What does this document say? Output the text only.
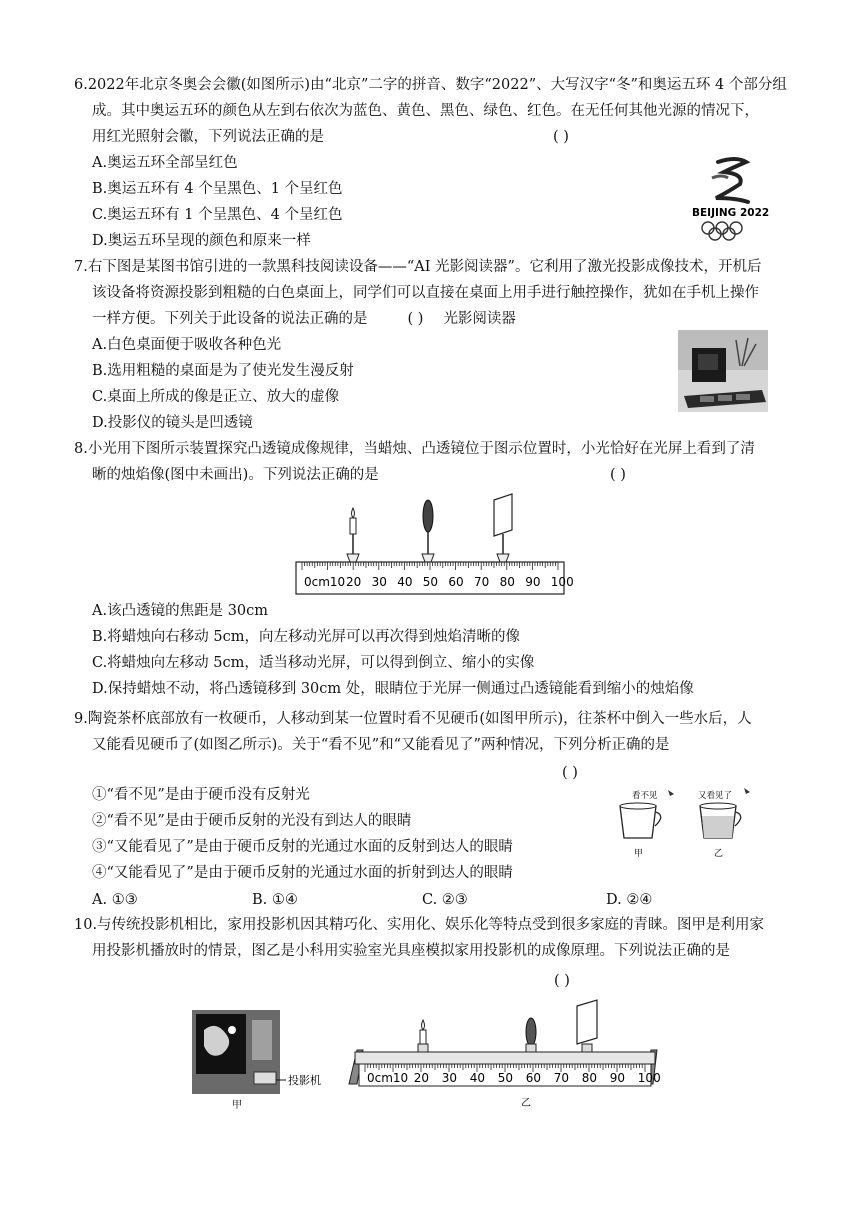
6.2022年北京冬奥会会徽(如图所示)由“北京”二字的拼音、数字“2022”、大写汉字“冬”和奥运五环 4 个部分组

成。其中奥运五环的颜色从左到右依次为蓝色、黄色、黑色、绿色、红色。在无任何其他光源的情况下，

用红光照射会徽，下列说法正确的是	( )
A.奥运五环全部呈红色
B.奥运五环有 4 个呈黑色、1 个呈红色
C.奥运五环有 1 个呈黑色、4 个呈红色
D.奥运五环呈现的颜色和原来一样
BEIJING 2022

7.右下图是某图书馆引进的一款黑科技阅读设备——“AI 光影阅读器”。它利用了激光投影成像技术，开机后

该设备将资源投影到粗糙的白色桌面上，同学们可以直接在桌面上用手进行触控操作，犹如在手机上操作

一样方便。下列关于此设备的说法正确的是	( ) 光影阅读器

A.白色桌面便于吸收各种色光
B.选用粗糙的桌面是为了使光发生漫反射
C.桌面上所成的像是正立、放大的虚像
D.投影仪的镜头是凹透镜

8.小光用下图所示装置探究凸透镜成像规律，当蜡烛、凸透镜位于图示位置时，小光恰好在光屏上看到了清

晰的烛焰像(图中未画出)。下列说法正确的是	( )
0cm10 20 30 40 50 60 70 80 90 100
A.该凸透镜的焦距是 30cm
B.将蜡烛向右移动 5cm，向左移动光屏可以再次得到烛焰清晰的像
C.将蜡烛向左移动 5cm，适当移动光屏，可以得到倒立、缩小的实像
D.保持蜡烛不动，将凸透镜移到 30cm 处，眼睛位于光屏一侧通过凸透镜能看到缩小的烛焰像

9.陶瓷茶杯底部放有一枚硬币，人移动到某一位置时看不见硬币(如图甲所示)，往茶杯中倒入一些水后，人

又能看见硬币了(如图乙所示)。关于“看不见”和“又能看见了”两种情况，下列分析正确的是

( )
①“看不见”是由于硬币没有反射光
②“看不见”是由于硬币反射的光没有到达人的眼睛
③“又能看见了”是由于硬币反射的光通过水面的反射到达人的眼睛
④“又能看见了”是由于硬币反射的光通过水面的折射到达人的眼睛
A. ①③	B. ①④	C. ②③	D. ②④
看不见	又看见了
甲	乙

10.与传统投影机相比，家用投影机因其精巧化、实用化、娱乐化等特点受到很多家庭的青睐。图甲是利用家

用投影机播放时的情景，图乙是小科用实验室光具座模拟家用投影机的成像原理。下列说法正确的是

( )
投影机
甲
0cm10 20 30 40 50 60 70 80 90 100
乙
